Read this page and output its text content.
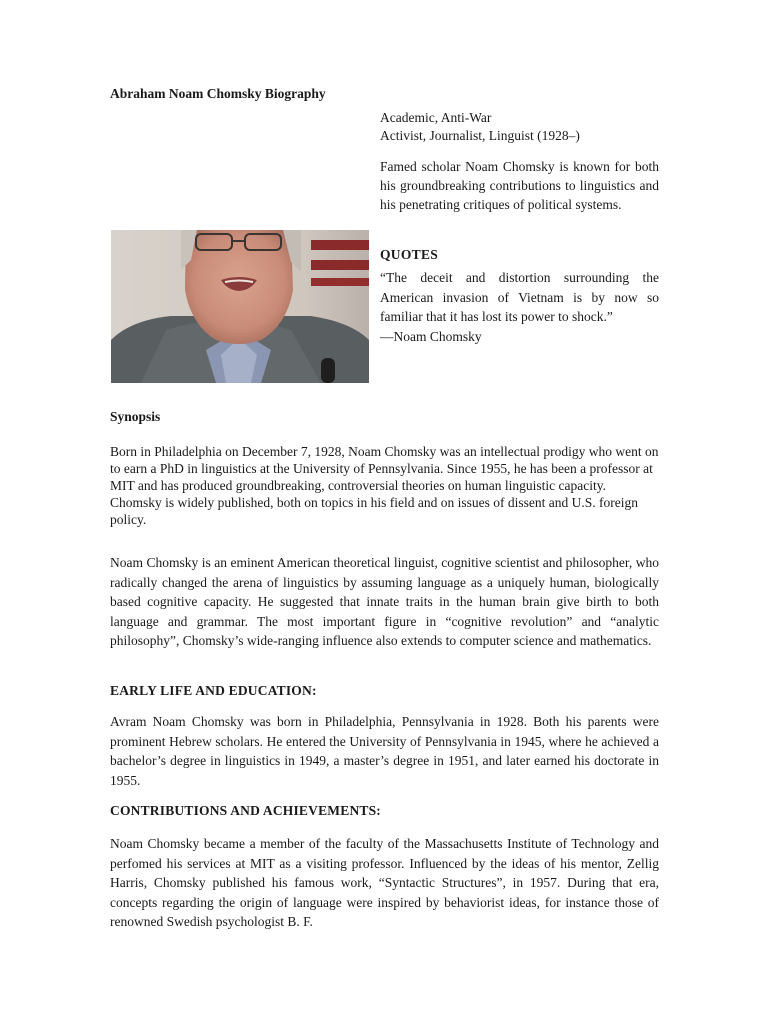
Abraham Noam Chomsky Biography
Academic, Anti-War
Activist, Journalist, Linguist (1928–)
Famed scholar Noam Chomsky is known for both his groundbreaking contributions to linguistics and his penetrating critiques of political systems.
QUOTES
“The deceit and distortion surrounding the American invasion of Vietnam is by now so familiar that it has lost its power to shock.”
—Noam Chomsky
Synopsis
Born in Philadelphia on December 7, 1928, Noam Chomsky was an intellectual prodigy who went on to earn a PhD in linguistics at the University of Pennsylvania. Since 1955, he has been a professor at MIT and has produced groundbreaking, controversial theories on human linguistic capacity. Chomsky is widely published, both on topics in his field and on issues of dissent and U.S. foreign policy.
Noam Chomsky is an eminent American theoretical linguist, cognitive scientist and philosopher, who radically changed the arena of linguistics by assuming language as a uniquely human, biologically based cognitive capacity. He suggested that innate traits in the human brain give birth to both language and grammar. The most important figure in “cognitive revolution” and “analytic philosophy”, Chomsky’s wide-ranging influence also extends to computer science and mathematics.
EARLY LIFE AND EDUCATION:
Avram Noam Chomsky was born in Philadelphia, Pennsylvania in 1928. Both his parents were prominent Hebrew scholars. He entered the University of Pennsylvania in 1945, where he achieved a bachelor’s degree in linguistics in 1949, a master’s degree in 1951, and later earned his doctorate in 1955.
CONTRIBUTIONS AND ACHIEVEMENTS:
Noam Chomsky became a member of the faculty of the Massachusetts Institute of Technology and perfomed his services at MIT as a visiting professor. Influenced by the ideas of his mentor, Zellig Harris, Chomsky published his famous work, “Syntactic Structures”, in 1957. During that era, concepts regarding the origin of language were inspired by behaviorist ideas, for instance those of renowned Swedish psychologist B. F.
